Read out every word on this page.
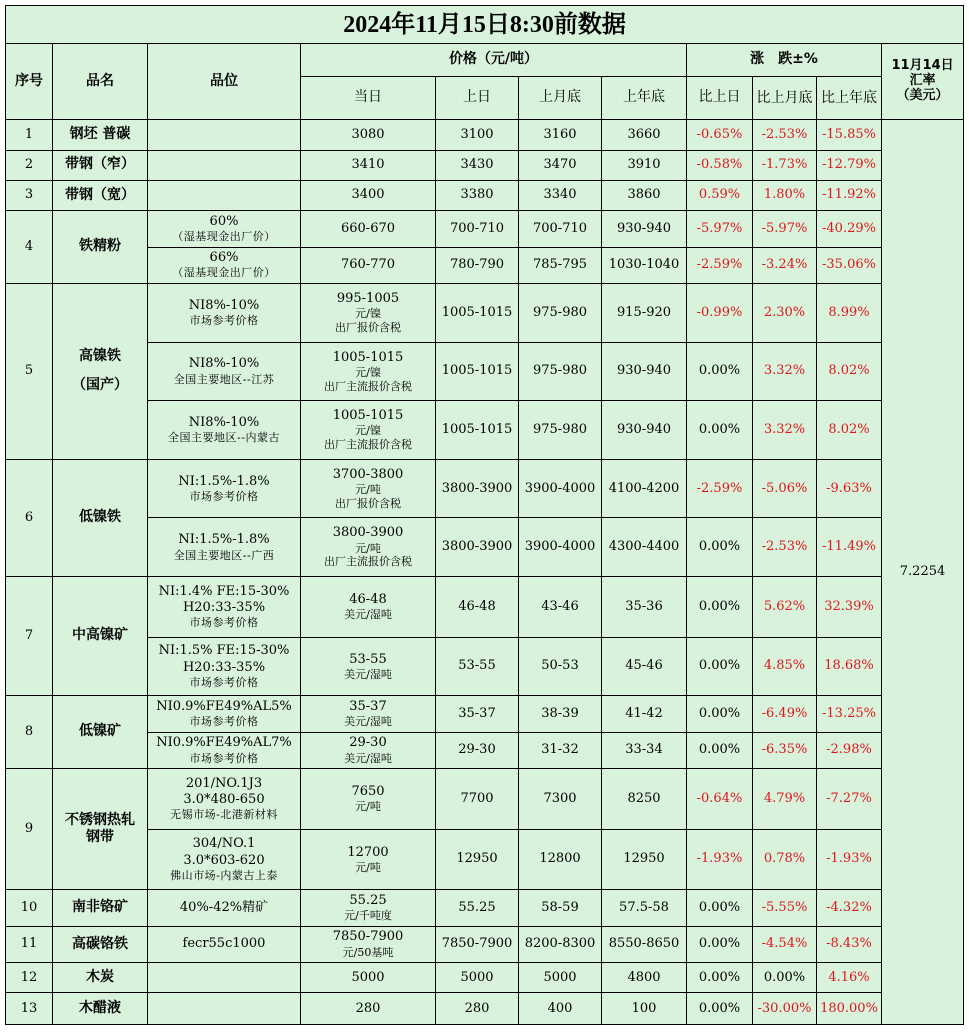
2024年11月15日8:30前数据										
序号	品名	品位	价格（元/吨）				涨　跌±%			11月14日
汇率
（美元）

			当日	上日	上月底	上年底	比上日	比上月底	比上年底	

1	钢坯 普碳		3080	3100	3160	3660	-0.65%	-2.53%	-15.85%	7.2254
2	带钢（窄）		3410	3430	3470	3910	-0.58%	-1.73%	-12.79%	
3	带钢（宽）		3400	3380	3340	3860	0.59%	1.80%	-11.92%	
4	铁精粉	60%
（湿基现金出厂价）	660-670	700-710	700-710	930-940	-5.97%	-5.97%	-40.29%	

		66%
（湿基现金出厂价）	760-770	780-790	785-795	1030-1040	-2.59%	-3.24%	-35.06%	
5	高镍铁
（国产）	NI8%-10%
市场参考价格	995-1005
元/镍
出厂报价含税	1005-1015	975-980	915-920	-0.99%	2.30%	8.99%	

		NI8%-10%
全国主要地区--江苏	1005-1015
元/镍
出厂主流报价含税	1005-1015	975-980	930-940	0.00%	3.32%	8.02%	

		NI8%-10%
全国主要地区--内蒙古	1005-1015
元/镍
出厂主流报价含税	1005-1015	975-980	930-940	0.00%	3.32%	8.02%	
6	低镍铁	NI:1.5%-1.8%
市场参考价格	3700-3800
元/吨
出厂报价含税	3800-3900	3900-4000	4100-4200	-2.59%	-5.06%	-9.63%	

		NI:1.5%-1.8%
全国主要地区--广西	3800-3900
元/吨
出厂主流报价含税	3800-3900	3900-4000	4300-4400	0.00%	-2.53%	-11.49%	
7	中高镍矿	NI:1.4% FE:15-30%
H20:33-35%
市场参考价格	46-48
美元/湿吨	46-48	43-46	35-36	0.00%	5.62%	32.39%	

		NI:1.5% FE:15-30%
H20:33-35%
市场参考价格	53-55
美元/湿吨	53-55	50-53	45-46	0.00%	4.85%	18.68%	
8	低镍矿	NI0.9%FE49%AL5%
市场参考价格	35-37
美元/湿吨	35-37	38-39	41-42	0.00%	-6.49%	-13.25%	

		NI0.9%FE49%AL7%
市场参考价格	29-30
美元/湿吨	29-30	31-32	33-34	0.00%	-6.35%	-2.98%	
9	不锈钢热轧
钢带	201/NO.1J3
3.0*480-650
无锡市场-北港新材料	7650
元/吨	7700	7300	8250	-0.64%	4.79%	-7.27%	

		304/NO.1
3.0*603-620
佛山市场-内蒙古上泰	12700
元/吨	12950	12800	12950	-1.93%	0.78%	-1.93%	
10	南非铬矿	40%-42%精矿	55.25
元/千吨度	55.25	58-59	57.5-58	0.00%	-5.55%	-4.32%	
11	高碳铬铁	fecr55c1000	7850-7900
元/50基吨	7850-7900	8200-8300	8550-8650	0.00%	-4.54%	-8.43%	
12	木炭		5000	5000	5000	4800	0.00%	0.00%	4.16%	
13	木醋液		280	280	400	100	0.00%	-30.00%	180.00%	
